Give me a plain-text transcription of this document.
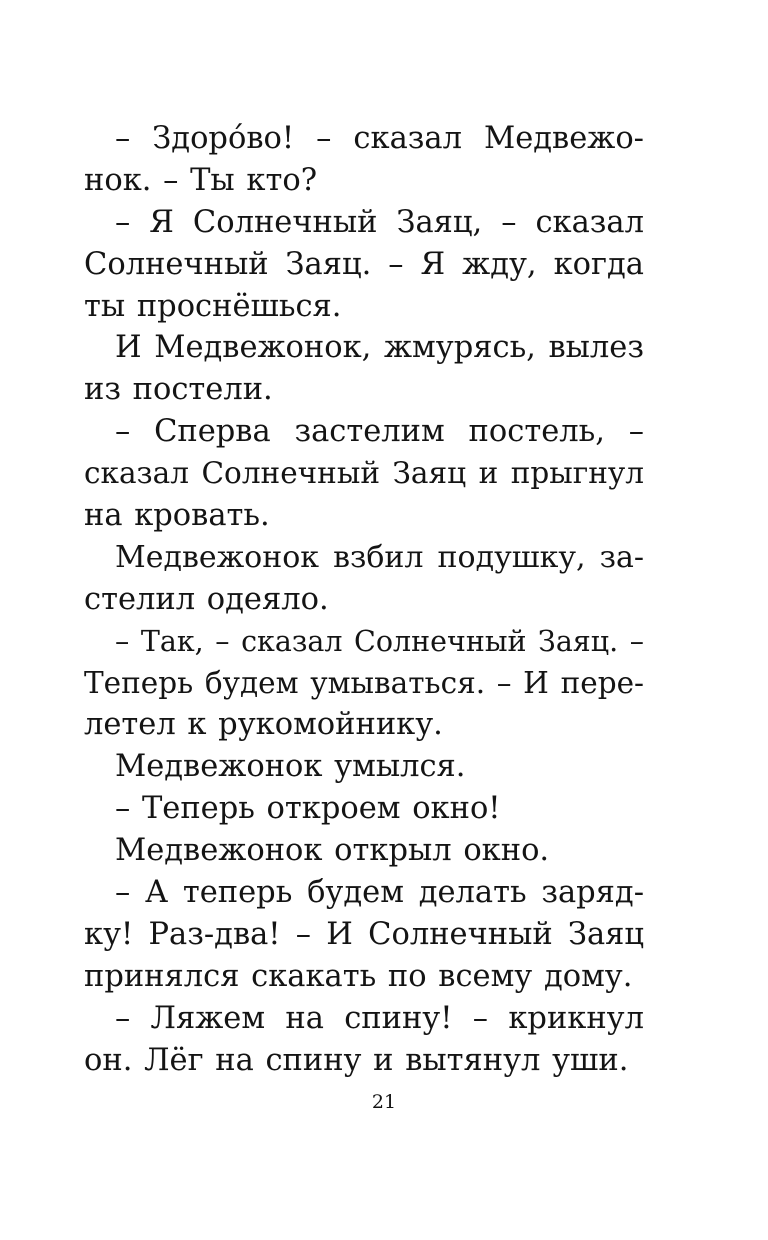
– Здоро́во! – сказал Медвежо-
нок. – Ты кто?
– Я Солнечный Заяц, – сказал
Солнечный Заяц. – Я жду, когда
ты проснёшься.
И Медвежонок, жмурясь, вылез
из постели.
– Сперва застелим постель, –
сказал Солнечный Заяц и прыгнул
на кровать.
Медвежонок взбил подушку, за-
стелил одеяло.
– Так, – сказал Солнечный Заяц. –
Теперь будем умываться. – И пере-
летел к рукомойнику.
Медвежонок умылся.
– Теперь откроем окно!
Медвежонок открыл окно.
– А теперь будем делать заряд-
ку! Раз-два! – И Солнечный Заяц
принялся скакать по всему дому.
– Ляжем на спину! – крикнул
он. Лёг на спину и вытянул уши.
21
